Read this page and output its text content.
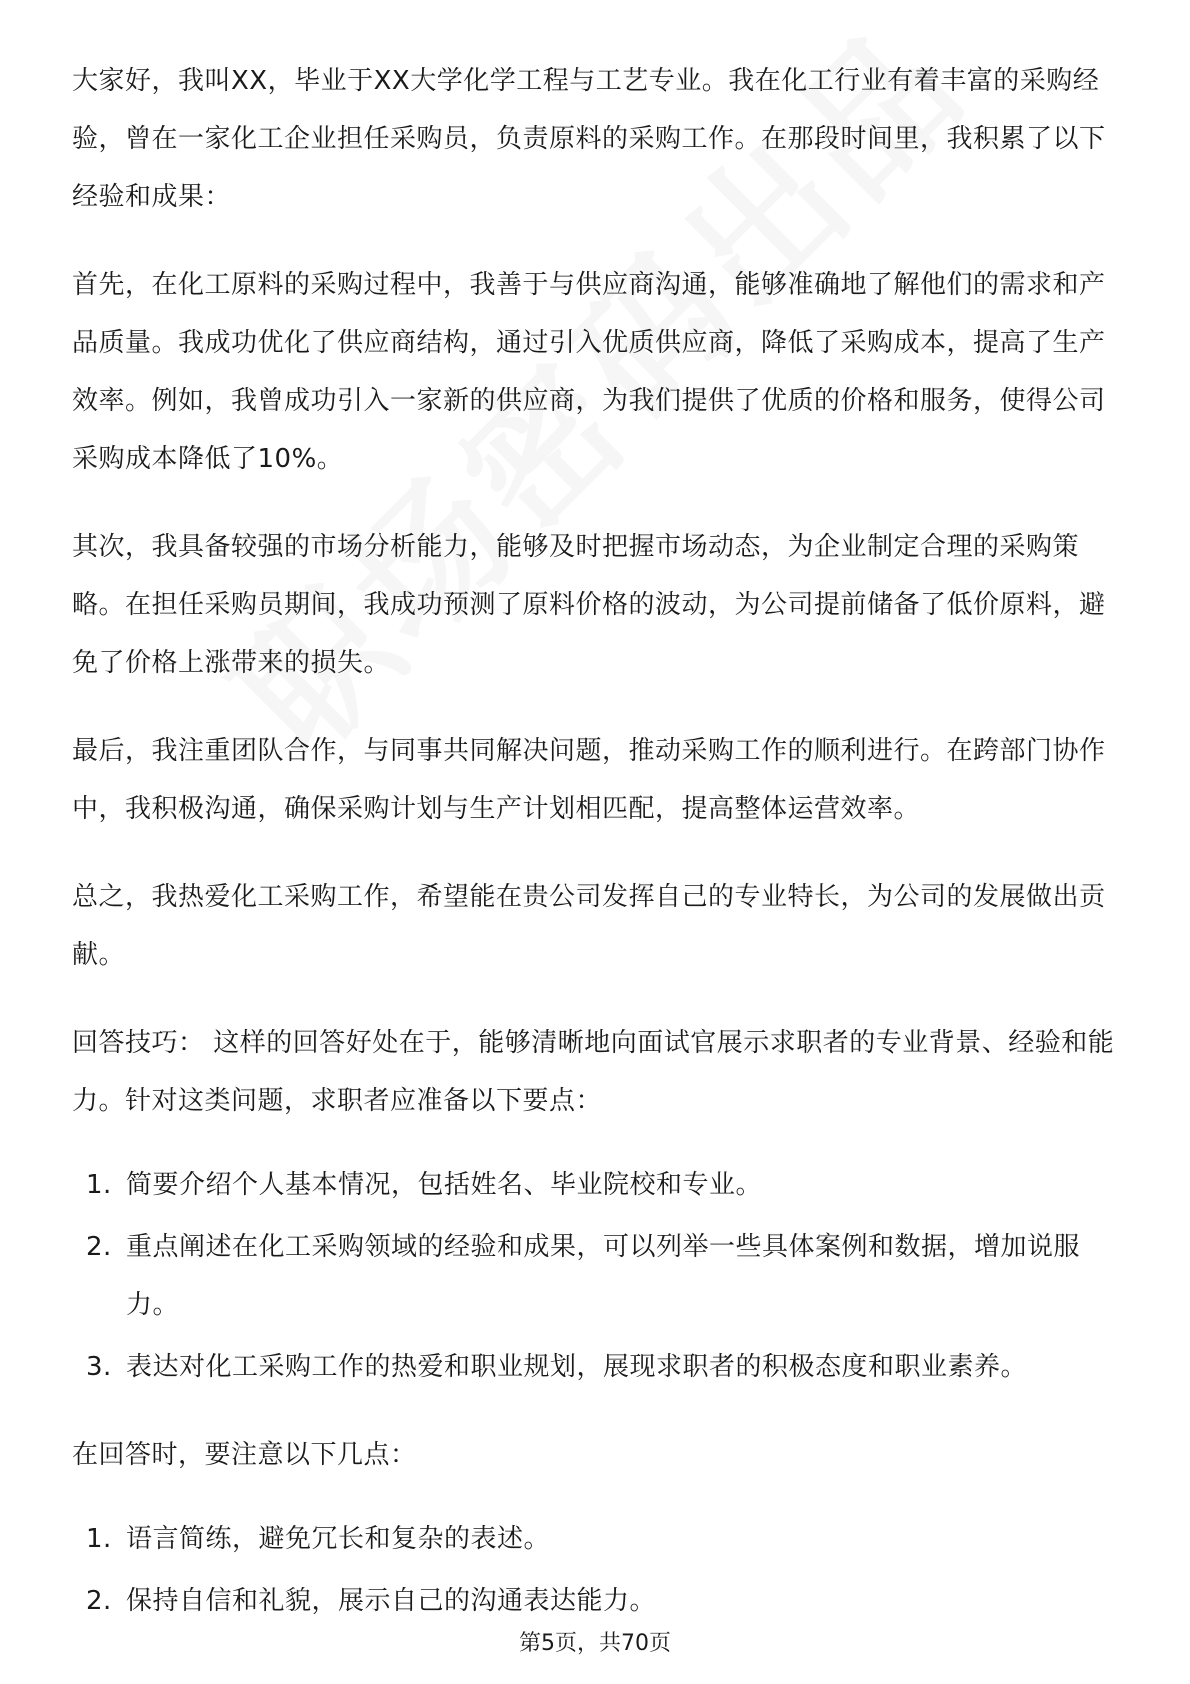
大家好，我叫XX，毕业于XX大学化学工程与工艺专业。我在化工行业有着丰富的采购经验，曾在一家化工企业担任采购员，负责原料的采购工作。在那段时间里，我积累了以下经验和成果：

首先，在化工原料的采购过程中，我善于与供应商沟通，能够准确地了解他们的需求和产品质量。我成功优化了供应商结构，通过引入优质供应商，降低了采购成本，提高了生产效率。例如，我曾成功引入一家新的供应商，为我们提供了优质的价格和服务，使得公司采购成本降低了10%。

其次，我具备较强的市场分析能力，能够及时把握市场动态，为企业制定合理的采购策略。在担任采购员期间，我成功预测了原料价格的波动，为公司提前储备了低价原料，避免了价格上涨带来的损失。

最后，我注重团队合作，与同事共同解决问题，推动采购工作的顺利进行。在跨部门协作中，我积极沟通，确保采购计划与生产计划相匹配，提高整体运营效率。

总之，我热爱化工采购工作，希望能在贵公司发挥自己的专业特长，为公司的发展做出贡献。

回答技巧： 这样的回答好处在于，能够清晰地向面试官展示求职者的专业背景、经验和能力。针对这类问题，求职者应准备以下要点：

1. 简要介绍个人基本情况，包括姓名、毕业院校和专业。
2. 重点阐述在化工采购领域的经验和成果，可以列举一些具体案例和数据，增加说服力。
3. 表达对化工采购工作的热爱和职业规划，展现求职者的积极态度和职业素养。

在回答时，要注意以下几点：

1. 语言简练，避免冗长和复杂的表述。
2. 保持自信和礼貌，展示自己的沟通表达能力。
第5页，共70页
